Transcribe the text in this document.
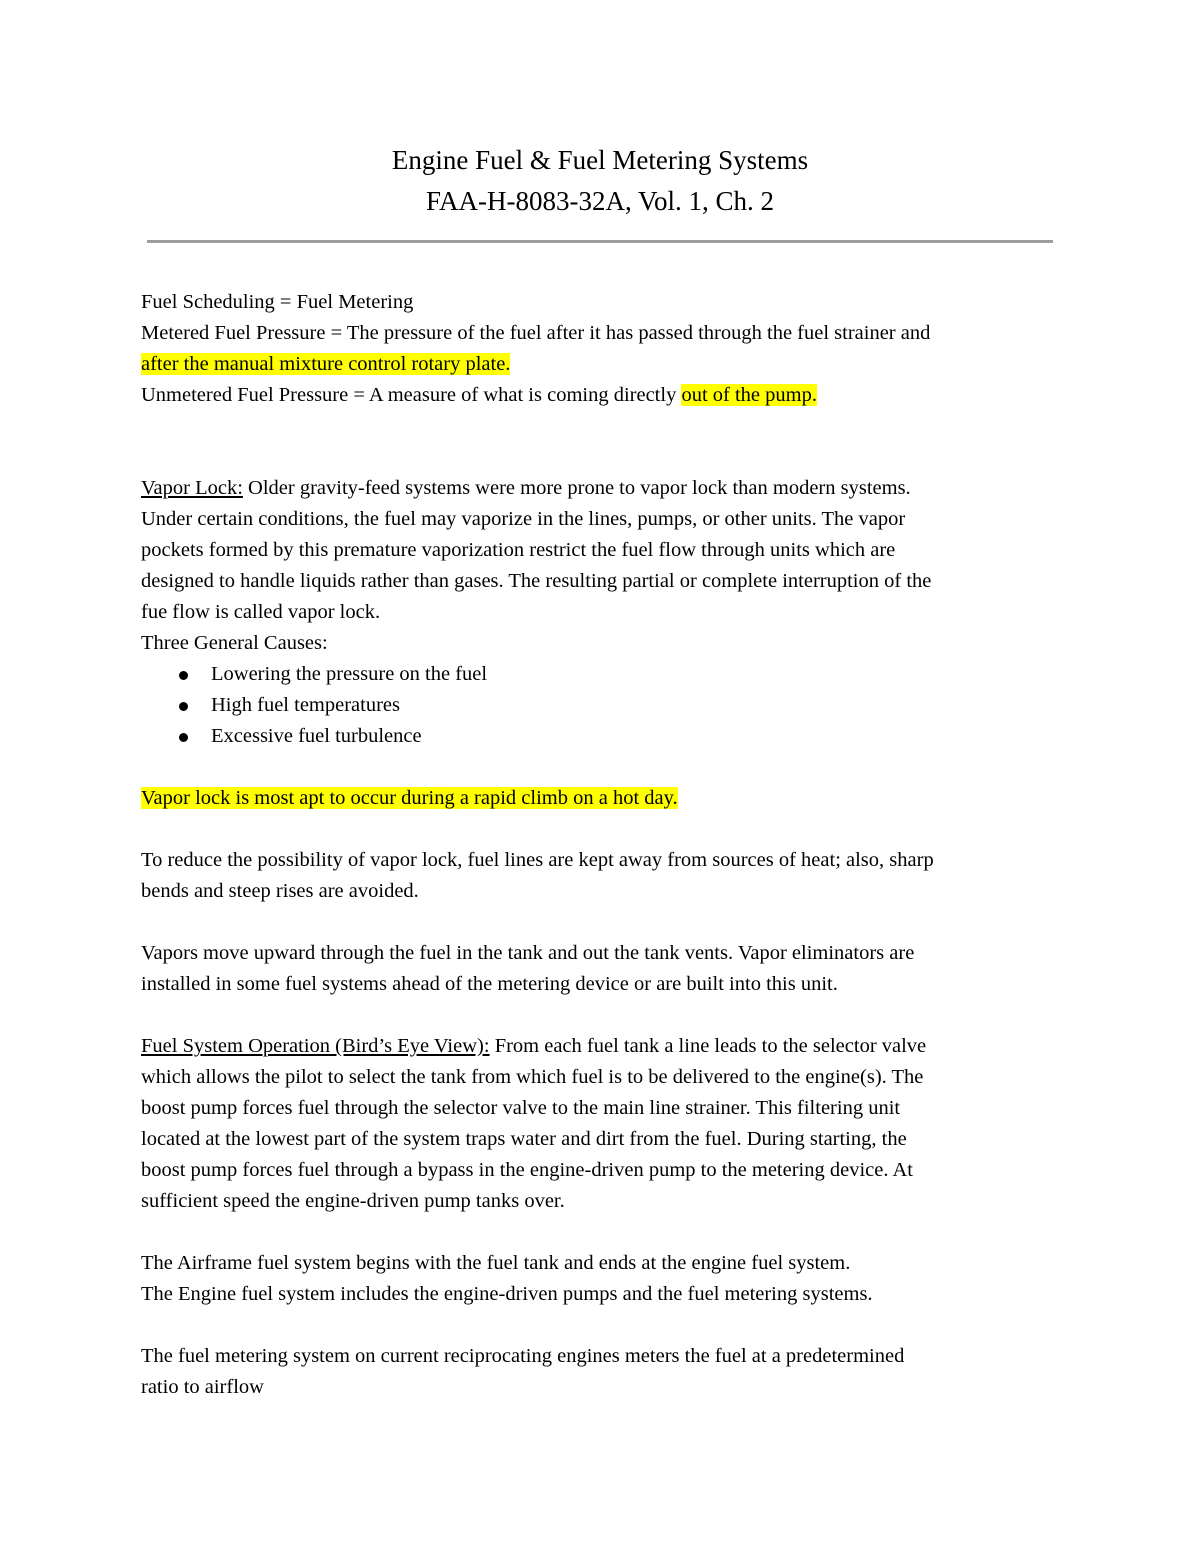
Engine Fuel & Fuel Metering Systems
FAA-H-8083-32A, Vol. 1, Ch. 2
Fuel Scheduling = Fuel Metering
Metered Fuel Pressure = The pressure of the fuel after it has passed through the fuel strainer and
after the manual mixture control rotary plate.
Unmetered Fuel Pressure = A measure of what is coming directly out of the pump.
Vapor Lock: Older gravity-feed systems were more prone to vapor lock than modern systems.
Under certain conditions, the fuel may vaporize in the lines, pumps, or other units. The vapor
pockets formed by this premature vaporization restrict the fuel flow through units which are
designed to handle liquids rather than gases. The resulting partial or complete interruption of the
fue flow is called vapor lock.
Three General Causes:
Lowering the pressure on the fuel
High fuel temperatures
Excessive fuel turbulence
Vapor lock is most apt to occur during a rapid climb on a hot day.
To reduce the possibility of vapor lock, fuel lines are kept away from sources of heat; also, sharp
bends and steep rises are avoided.
Vapors move upward through the fuel in the tank and out the tank vents. Vapor eliminators are
installed in some fuel systems ahead of the metering device or are built into this unit.
Fuel System Operation (Bird’s Eye View): From each fuel tank a line leads to the selector valve
which allows the pilot to select the tank from which fuel is to be delivered to the engine(s). The
boost pump forces fuel through the selector valve to the main line strainer. This filtering unit
located at the lowest part of the system traps water and dirt from the fuel. During starting, the
boost pump forces fuel through a bypass in the engine-driven pump to the metering device. At
sufficient speed the engine-driven pump tanks over.
The Airframe fuel system begins with the fuel tank and ends at the engine fuel system.
The Engine fuel system includes the engine-driven pumps and the fuel metering systems.
The fuel metering system on current reciprocating engines meters the fuel at a predetermined
ratio to airflow
